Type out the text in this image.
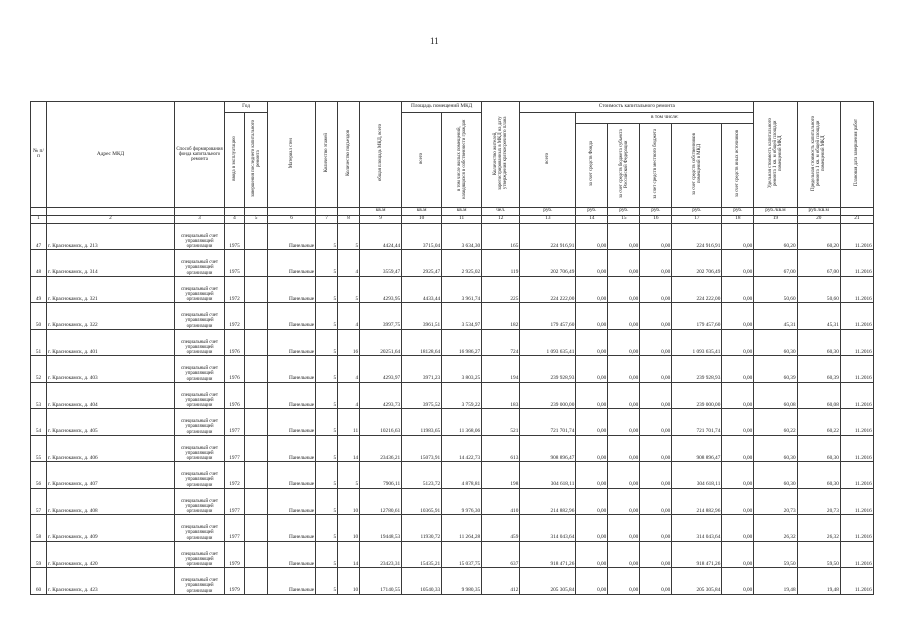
11
№ п/п	Адрес МКД	Способ формирования фонда капитального ремонта	Год		Материал стен	Количество этажей	Количество подъездов	общая площадь МКД, всего	Площадь помещений МКД		Количество жителей, зарегистрированных в МКД на дату утверждения краткосрочного плана	Стоимость капитального ремонта						Удельная стоимость капитального ремонта 1 кв. м общей площади помещений МКД	Предельная стоимость капитального ремонта 1 кв. м общей площади помещений МКД	Плановая дата завершения работ
			ввода в эксплуатацию	завершения последнего капитального ремонта					всего	в том числе жилых помещений, находящихся в собственности граждан		всего	в том числе:							
													за счет средств Фонда	за счет средств бюджета субъекта Российской Федерации	за счет средств местного бюджета	за счет средств собственников помещений в МКД	за счет средств иных источников			
								кв.м	кв.м	кв.м	чел.	руб.	руб.	руб.	руб.	руб.	руб.	руб./кв.м	руб./кв.м	
1	2	3	4	5	6	7	8	9	10	11	12	13	14	15	16	17	18	19	20	21
47	г. Краснокамск, д. 213	специальный счет управляющей организации	1975		Панельные	5	5	4424,44	3715,04	3 634,30	165	224 916,91	0,00	0,00	0,00	224 916,91	0,00	60,20	60,20	11.2016
48	г. Краснокамск, д. 314	специальный счет управляющей организации	1975		Панельные	5	4	3559,47	2925,47	2 925,02	119	202 706,49	0,00	0,00	0,00	202 706,49	0,00	67,00	67,00	11.2016
49	г. Краснокамск, д. 321	специальный счет управляющей организации	1972		Панельные	5	5	4293,95	4433,44	3 961,74	225	224 222,00	0,00	0,00	0,00	224 222,00	0,00	50,60	50,60	11.2016
50	г. Краснокамск, д. 322	специальный счет управляющей организации	1972		Панельные	5	4	3997,75	3961,51	3 534,97	182	179 457,60	0,00	0,00	0,00	179 457,60	0,00	45,31	45,31	11.2016
51	г. Краснокамск, д. 401	специальный счет управляющей организации	1976		Панельные	5	16	20251,64	18128,64	16 986,27	724	1 093 635,41	0,00	0,00	0,00	1 093 635,41	0,00	60,30	60,30	11.2016
52	г. Краснокамск, д. 403	специальный счет управляющей организации	1976		Панельные	5	4	4293,97	3971,23	3 803,25	194	239 928,93	0,00	0,00	0,00	239 928,93	0,00	60,39	60,39	11.2016
53	г. Краснокамск, д. 404	специальный счет управляющей организации	1976		Панельные	5	4	4293,73	3975,52	3 759,22	183	239 000,00	0,00	0,00	0,00	239 000,00	0,00	60,08	60,08	11.2016
54	г. Краснокамск, д. 405	специальный счет управляющей организации	1977		Панельные	5	11	10216,63	11983,65	11 368,06	521	721 701,74	0,00	0,00	0,00	721 701,74	0,00	60,22	60,22	11.2016
55	г. Краснокамск, д. 406	специальный счет управляющей организации	1977		Панельные	5	14	23436,21	15073,91	14 422,73	613	908 896,47	0,00	0,00	0,00	908 896,47	0,00	60,30	60,30	11.2016
56	г. Краснокамск, д. 407	специальный счет управляющей организации	1972		Панельные	5	5	7906,11	5123,72	4 878,81	198	304 618,11	0,00	0,00	0,00	304 618,11	0,00	60,30	60,30	11.2016
57	г. Краснокамск, д. 408	специальный счет управляющей организации	1977		Панельные	5	10	12780,61	10365,91	9 976,30	410	214 882,96	0,00	0,00	0,00	214 882,96	0,00	20,73	20,73	11.2016
58	г. Краснокамск, д. 409	специальный счет управляющей организации	1977		Панельные	5	10	19448,53	11930,72	11 264,28	459	314 043,64	0,00	0,00	0,00	314 043,64	0,00	26,32	26,32	11.2016
59	г. Краснокамск, д. 420	специальный счет управляющей организации	1979		Панельные	5	14	23423,31	15435,21	15 037,75	637	918 471,26	0,00	0,00	0,00	918 471,26	0,00	59,50	59,50	11.2016
60	г. Краснокамск, д. 423	специальный счет управляющей организации	1979		Панельные	5	10	17140,55	10540,33	9 980,35	412	205 305,84	0,00	0,00	0,00	205 305,84	0,00	19,48	19,48	11.2016
